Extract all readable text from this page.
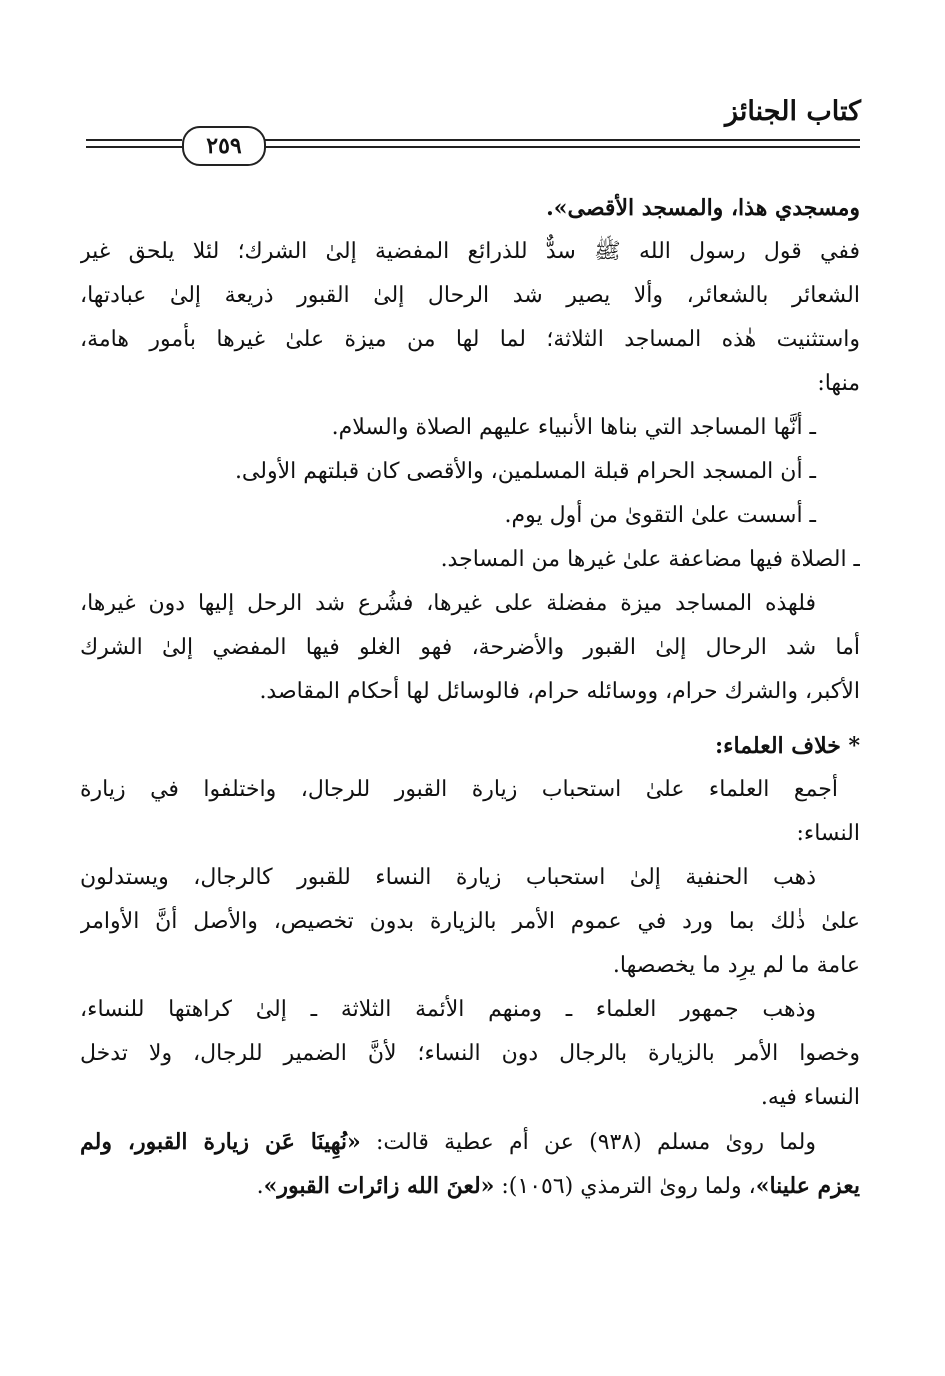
كتاب الجنائز
٢٥٩
ومسجدي هذا، والمسجد الأقصى».
ففي قول رسول الله ﷺ سدٌّ للذرائع المفضية إلىٰ الشرك؛ لئلا يلحق غير
الشعائر بالشعائر، وألا يصير شد الرحال إلىٰ القبور ذريعة إلىٰ عبادتها،
واستثنيت هٰذه المساجد الثلاثة؛ لما لها من ميزة علىٰ غيرها بأمور هامة،
منها:
ـ أنَّها المساجد التي بناها الأنبياء عليهم الصلاة والسلام.
ـ أن المسجد الحرام قبلة المسلمين، والأقصى كان قبلتهم الأولى.
ـ أسست علىٰ التقوىٰ من أول يوم.
ـ الصلاة فيها مضاعفة علىٰ غيرها من المساجد.
فلهذه المساجد ميزة مفضلة على غيرها، فشُرع شد الرحل إليها دون غيرها،
أما شد الرحال إلىٰ القبور والأضرحة، فهو الغلو فيها المفضي إلىٰ الشرك
الأكبر، والشرك حرام، ووسائله حرام، فالوسائل لها أحكام المقاصد.
* خلاف العلماء:
أجمع العلماء علىٰ استحباب زيارة القبور للرجال، واختلفوا في زيارة
النساء:
ذهب الحنفية إلىٰ استحباب زيارة النساء للقبور كالرجال، ويستدلون
علىٰ ذٰلك بما ورد في عموم الأمر بالزيارة بدون تخصيص، والأصل أنَّ الأوامر
عامة ما لم يرِد ما يخصصها.
وذهب جمهور العلماء ـ ومنهم الأئمة الثلاثة ـ إلىٰ كراهتها للنساء،
وخصوا الأمر بالزيارة بالرجال دون النساء؛ لأنَّ الضمير للرجال، ولا تدخل
النساء فيه.
ولما روىٰ مسلم (٩٣٨) عن أم عطية قالت: «نُهِينَا عَن زيارة القبور، ولم
يعزم علينا»، ولما روىٰ الترمذي (١٠٥٦): «لعنَ الله زائرات القبور».
